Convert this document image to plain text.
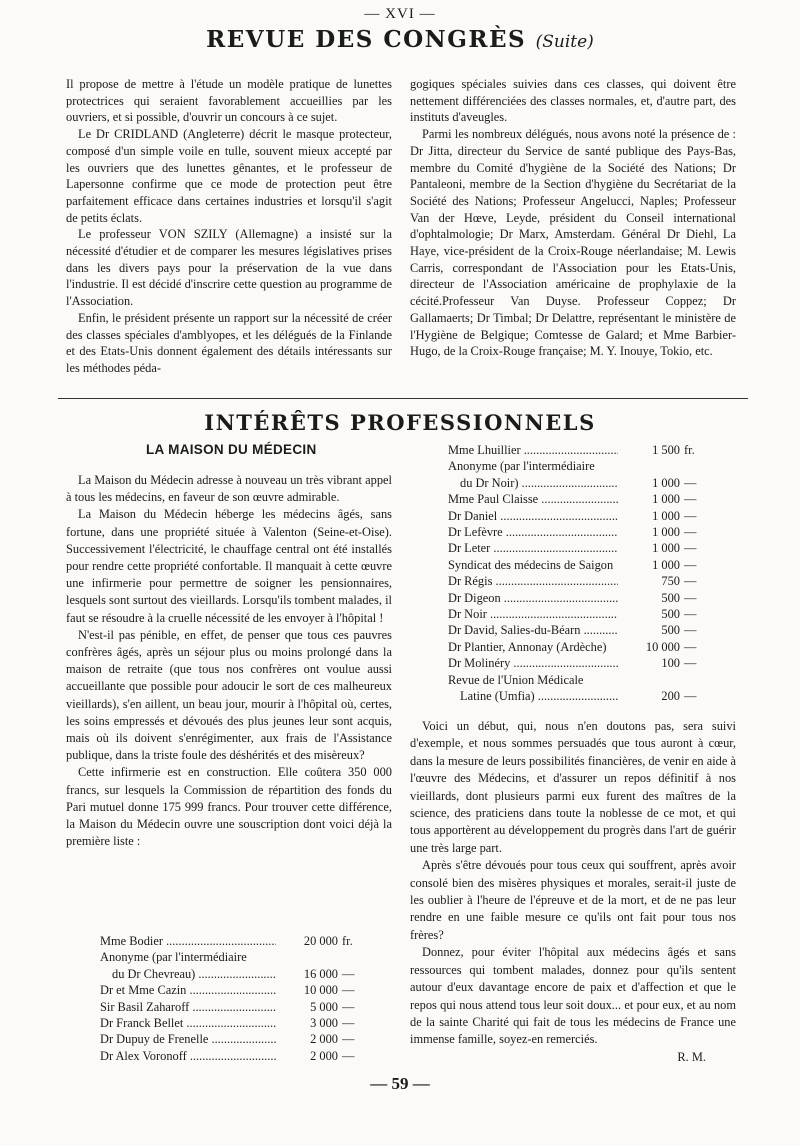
— XVI —
REVUE DES CONGRÈS (Suite)

Il propose de mettre à l'étude un modèle pratique de lunettes protectrices qui seraient favorablement accueillies par les ouvriers, et si possible, d'ouvrir un concours à ce sujet.

Le Dr CRIDLAND (Angleterre) décrit le masque protecteur, composé d'un simple voile en tulle, souvent mieux accepté par les ouvriers que des lunettes gênantes, et le professeur de Lapersonne confirme que ce mode de protection peut être parfaitement efficace dans certaines industries et lorsqu'il s'agit de petits éclats.

Le professeur VON SZILY (Allemagne) a insisté sur la nécessité d'étudier et de comparer les mesures législatives prises dans les divers pays pour la préservation de la vue dans l'industrie. Il est décidé d'inscrire cette question au programme de l'Association.

Enfin, le président présente un rapport sur la nécessité de créer des classes spéciales d'amblyopes, et les délégués de la Finlande et des Etats-Unis donnent également des détails intéressants sur les méthodes péda-

gogiques spéciales suivies dans ces classes, qui doivent être nettement différenciées des classes normales, et, d'autre part, des instituts d'aveugles.

Parmi les nombreux délégués, nous avons noté la présence de : Dr Jitta, directeur du Service de santé publique des Pays-Bas, membre du Comité d'hygiène de la Société des Nations; Dr Pantaleoni, membre de la Section d'hygiène du Secrétariat de la Société des Nations; Professeur Angelucci, Naples; Professeur Van der Hœve, Leyde, président du Conseil international d'ophtalmologie; Dr Marx, Amsterdam. Général Dr Diehl, La Haye, vice-président de la Croix-Rouge néerlandaise; M. Lewis Carris, correspondant de l'Association pour les Etats-Unis, directeur de l'Association américaine de prophylaxie de la cécité.Professeur Van Duyse. Professeur Coppez; Dr Gallamaerts; Dr Timbal; Dr Delattre, représentant le ministère de l'Hygiène de Belgique; Comtesse de Galard; et Mme Barbier-Hugo, de la Croix-Rouge française; M. Y. Inouye, Tokio, etc.

INTÉRÊTS PROFESSIONNELS
LA MAISON DU MÉDECIN

La Maison du Médecin adresse à nouveau un très vibrant appel à tous les médecins, en faveur de son œuvre admirable.

La Maison du Médecin héberge les médecins âgés, sans fortune, dans une propriété située à Valenton (Seine-et-Oise). Successivement l'électricité, le chauffage central ont été installés pour rendre cette propriété confortable. Il manquait à cette œuvre une infirmerie pour permettre de soigner les pensionnaires, lesquels sont surtout des vieillards. Lorsqu'ils tombent malades, il faut se résoudre à la cruelle nécessité de les envoyer à l'hôpital !

N'est-il pas pénible, en effet, de penser que tous ces pauvres confrères âgés, après un séjour plus ou moins prolongé dans la maison de retraite (que tous nos confrères ont voulue aussi accueillante que possible pour adoucir le sort de ces malheureux vieillards), s'en aillent, un beau jour, mourir à l'hôpital où, certes, les soins empressés et dévoués des plus jeunes leur sont acquis, mais où ils doivent s'enrégimenter, aux frais de l'Assistance publique, dans la triste foule des déshérités et des misèreux?

Cette infirmerie est en construction. Elle coûtera 350 000 francs, sur lesquels la Commission de répartition des fonds du Pari mutuel donne 175 999 francs. Pour trouver cette différence, la Maison du Médecin ouvre une souscription dont voici déjà la première liste :

Mme Bodier .....	20 000 fr.
Anonyme (par l'intermédiaire
du Dr Chevreau) .....	16 000 —
Dr et Mme Cazin .....	10 000 —
Sir Basil Zaharoff .....	5 000 —
Dr Franck Bellet .....	3 000 —
Dr Dupuy de Frenelle .....	2 000 —
Dr Alex Voronoff .....	2 000 —
Mme Lhuillier .....	1 500 fr.
Anonyme (par l'intermédiaire
du Dr Noir) .....	1 000 —
Mme Paul Claisse .....	1 000 —
Dr Daniel .....	1 000 —
Dr Lefèvre .....	1 000 —
Dr Leter .....	1 000 —
Syndicat des médecins de Saigon	1 000 —
Dr Régis .....	750 —
Dr Digeon .....	500 —
Dr Noir .....	500 —
Dr David, Salies-du-Béarn .....	500 —
Dr Plantier, Annonay (Ardèche)	10 000 —
Dr Molinéry .....	100 —
Revue de l'Union Médicale
Latine (Umfia) .....	200 —

Voici un début, qui, nous n'en doutons pas, sera suivi d'exemple, et nous sommes persuadés que tous auront à cœur, dans la mesure de leurs possibilités financières, de venir en aide à l'œuvre des Médecins, et d'assurer un repos définitif à nos vieillards, dont plusieurs parmi eux furent des maîtres de la science, des praticiens dans toute la noblesse de ce mot, et qui tous apportèrent au développement du progrès dans l'art de guérir une très large part.

Après s'être dévoués pour tous ceux qui souffrent, après avoir consolé bien des misères physiques et morales, serait-il juste de les oublier à l'heure de l'épreuve et de la mort, et de ne pas leur rendre en une faible mesure ce qu'ils ont fait pour tous nos frères?

Donnez, pour éviter l'hôpital aux médecins âgés et sans ressources qui tombent malades, donnez pour qu'ils sentent autour d'eux davantage encore de paix et d'affection et que le repos qui nous attend tous leur soit doux... et pour eux, et au nom de la sainte Charité qui fait de tous les médecins de France une immense famille, soyez-en remerciés.

R. M.
— 59 —
